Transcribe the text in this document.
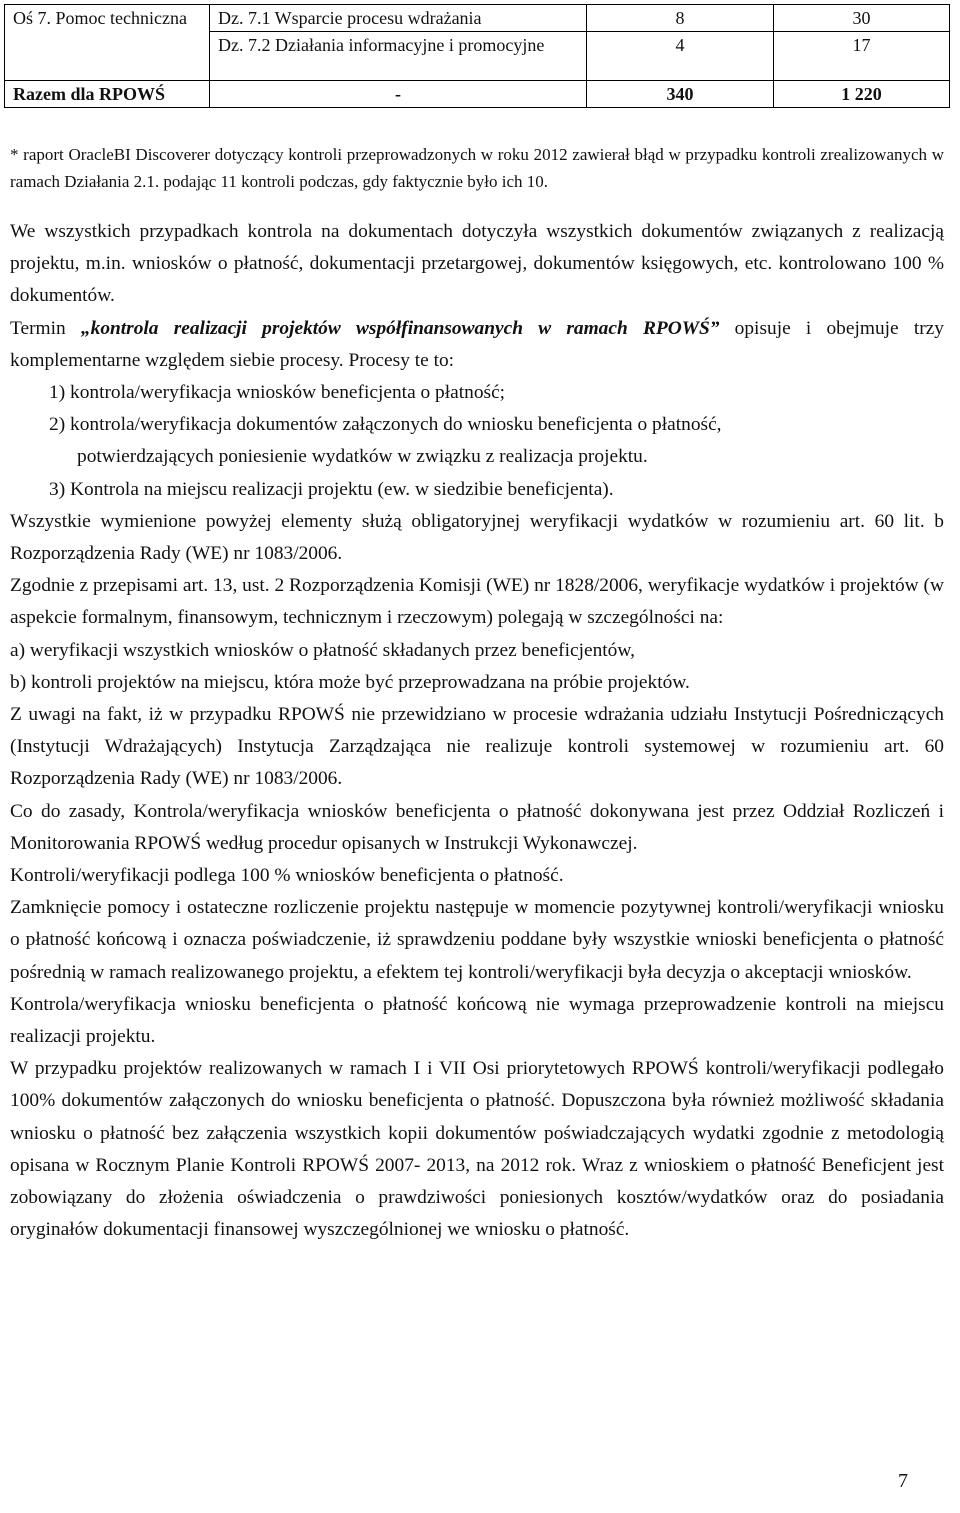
Oś 7. Pomoc techniczna	Dz. 7.1 Wsparcie procesu wdrażania	8	30
	Dz. 7.2 Działania informacyjne i promocyjne	4	17
Razem dla RPOWŚ	-	340	1 220
* raport OracleBI Discoverer dotyczący kontroli przeprowadzonych w roku 2012 zawierał błąd w przypadku kontroli zrealizowanych w ramach Działania 2.1. podając 11 kontroli podczas, gdy faktycznie było ich 10.

We wszystkich przypadkach kontrola na dokumentach dotyczyła wszystkich dokumentów związanych z realizacją projektu, m.in. wniosków o płatność, dokumentacji przetargowej, dokumentów księgowych, etc. kontrolowano 100 % dokumentów.

Termin „kontrola realizacji projektów współfinansowanych w ramach RPOWŚ” opisuje i obejmuje trzy komplementarne względem siebie procesy. Procesy te to:

1) kontrola/weryfikacja wniosków beneficjenta o płatność;

2) kontrola/weryfikacja dokumentów załączonych do wniosku beneficjenta o płatność,

potwierdzających poniesienie wydatków w związku z realizacja projektu.

3) Kontrola na miejscu realizacji projektu (ew. w siedzibie beneficjenta).

Wszystkie wymienione powyżej elementy służą obligatoryjnej weryfikacji wydatków w rozumieniu art. 60 lit. b Rozporządzenia Rady (WE) nr 1083/2006.

Zgodnie z przepisami art. 13, ust. 2 Rozporządzenia Komisji (WE) nr 1828/2006, weryfikacje wydatków i projektów (w aspekcie formalnym, finansowym, technicznym i rzeczowym) polegają w szczególności na:

a) weryfikacji wszystkich wniosków o płatność składanych przez beneficjentów,

b) kontroli projektów na miejscu, która może być przeprowadzana na próbie projektów.

Z uwagi na fakt, iż w przypadku RPOWŚ nie przewidziano w procesie wdrażania udziału Instytucji Pośredniczących (Instytucji Wdrażających) Instytucja Zarządzająca nie realizuje kontroli systemowej w rozumieniu art. 60 Rozporządzenia Rady (WE) nr 1083/2006.

Co do zasady, Kontrola/weryfikacja wniosków beneficjenta o płatność dokonywana jest przez Oddział Rozliczeń i Monitorowania RPOWŚ według procedur opisanych w Instrukcji Wykonawczej.

Kontroli/weryfikacji podlega 100 % wniosków beneficjenta o płatność.

Zamknięcie pomocy i ostateczne rozliczenie projektu następuje w momencie pozytywnej kontroli/weryfikacji wniosku o płatność końcową i oznacza poświadczenie, iż sprawdzeniu poddane były wszystkie wnioski beneficjenta o płatność pośrednią w ramach realizowanego projektu, a efektem tej kontroli/weryfikacji była decyzja o akceptacji wniosków.

Kontrola/weryfikacja wniosku beneficjenta o płatność końcową nie wymaga przeprowadzenie kontroli na miejscu realizacji projektu.

W przypadku projektów realizowanych w ramach I i VII Osi priorytetowych RPOWŚ kontroli/weryfikacji podlegało 100% dokumentów załączonych do wniosku beneficjenta o płatność. Dopuszczona była również możliwość składania wniosku o płatność bez załączenia wszystkich kopii dokumentów poświadczających wydatki zgodnie z metodologią opisana w Rocznym Planie Kontroli RPOWŚ 2007- 2013, na 2012 rok. Wraz z wnioskiem o płatność Beneficjent jest zobowiązany do złożenia oświadczenia o prawdziwości poniesionych kosztów/wydatków oraz do posiadania oryginałów dokumentacji finansowej wyszczególnionej we wniosku o płatność.

7
